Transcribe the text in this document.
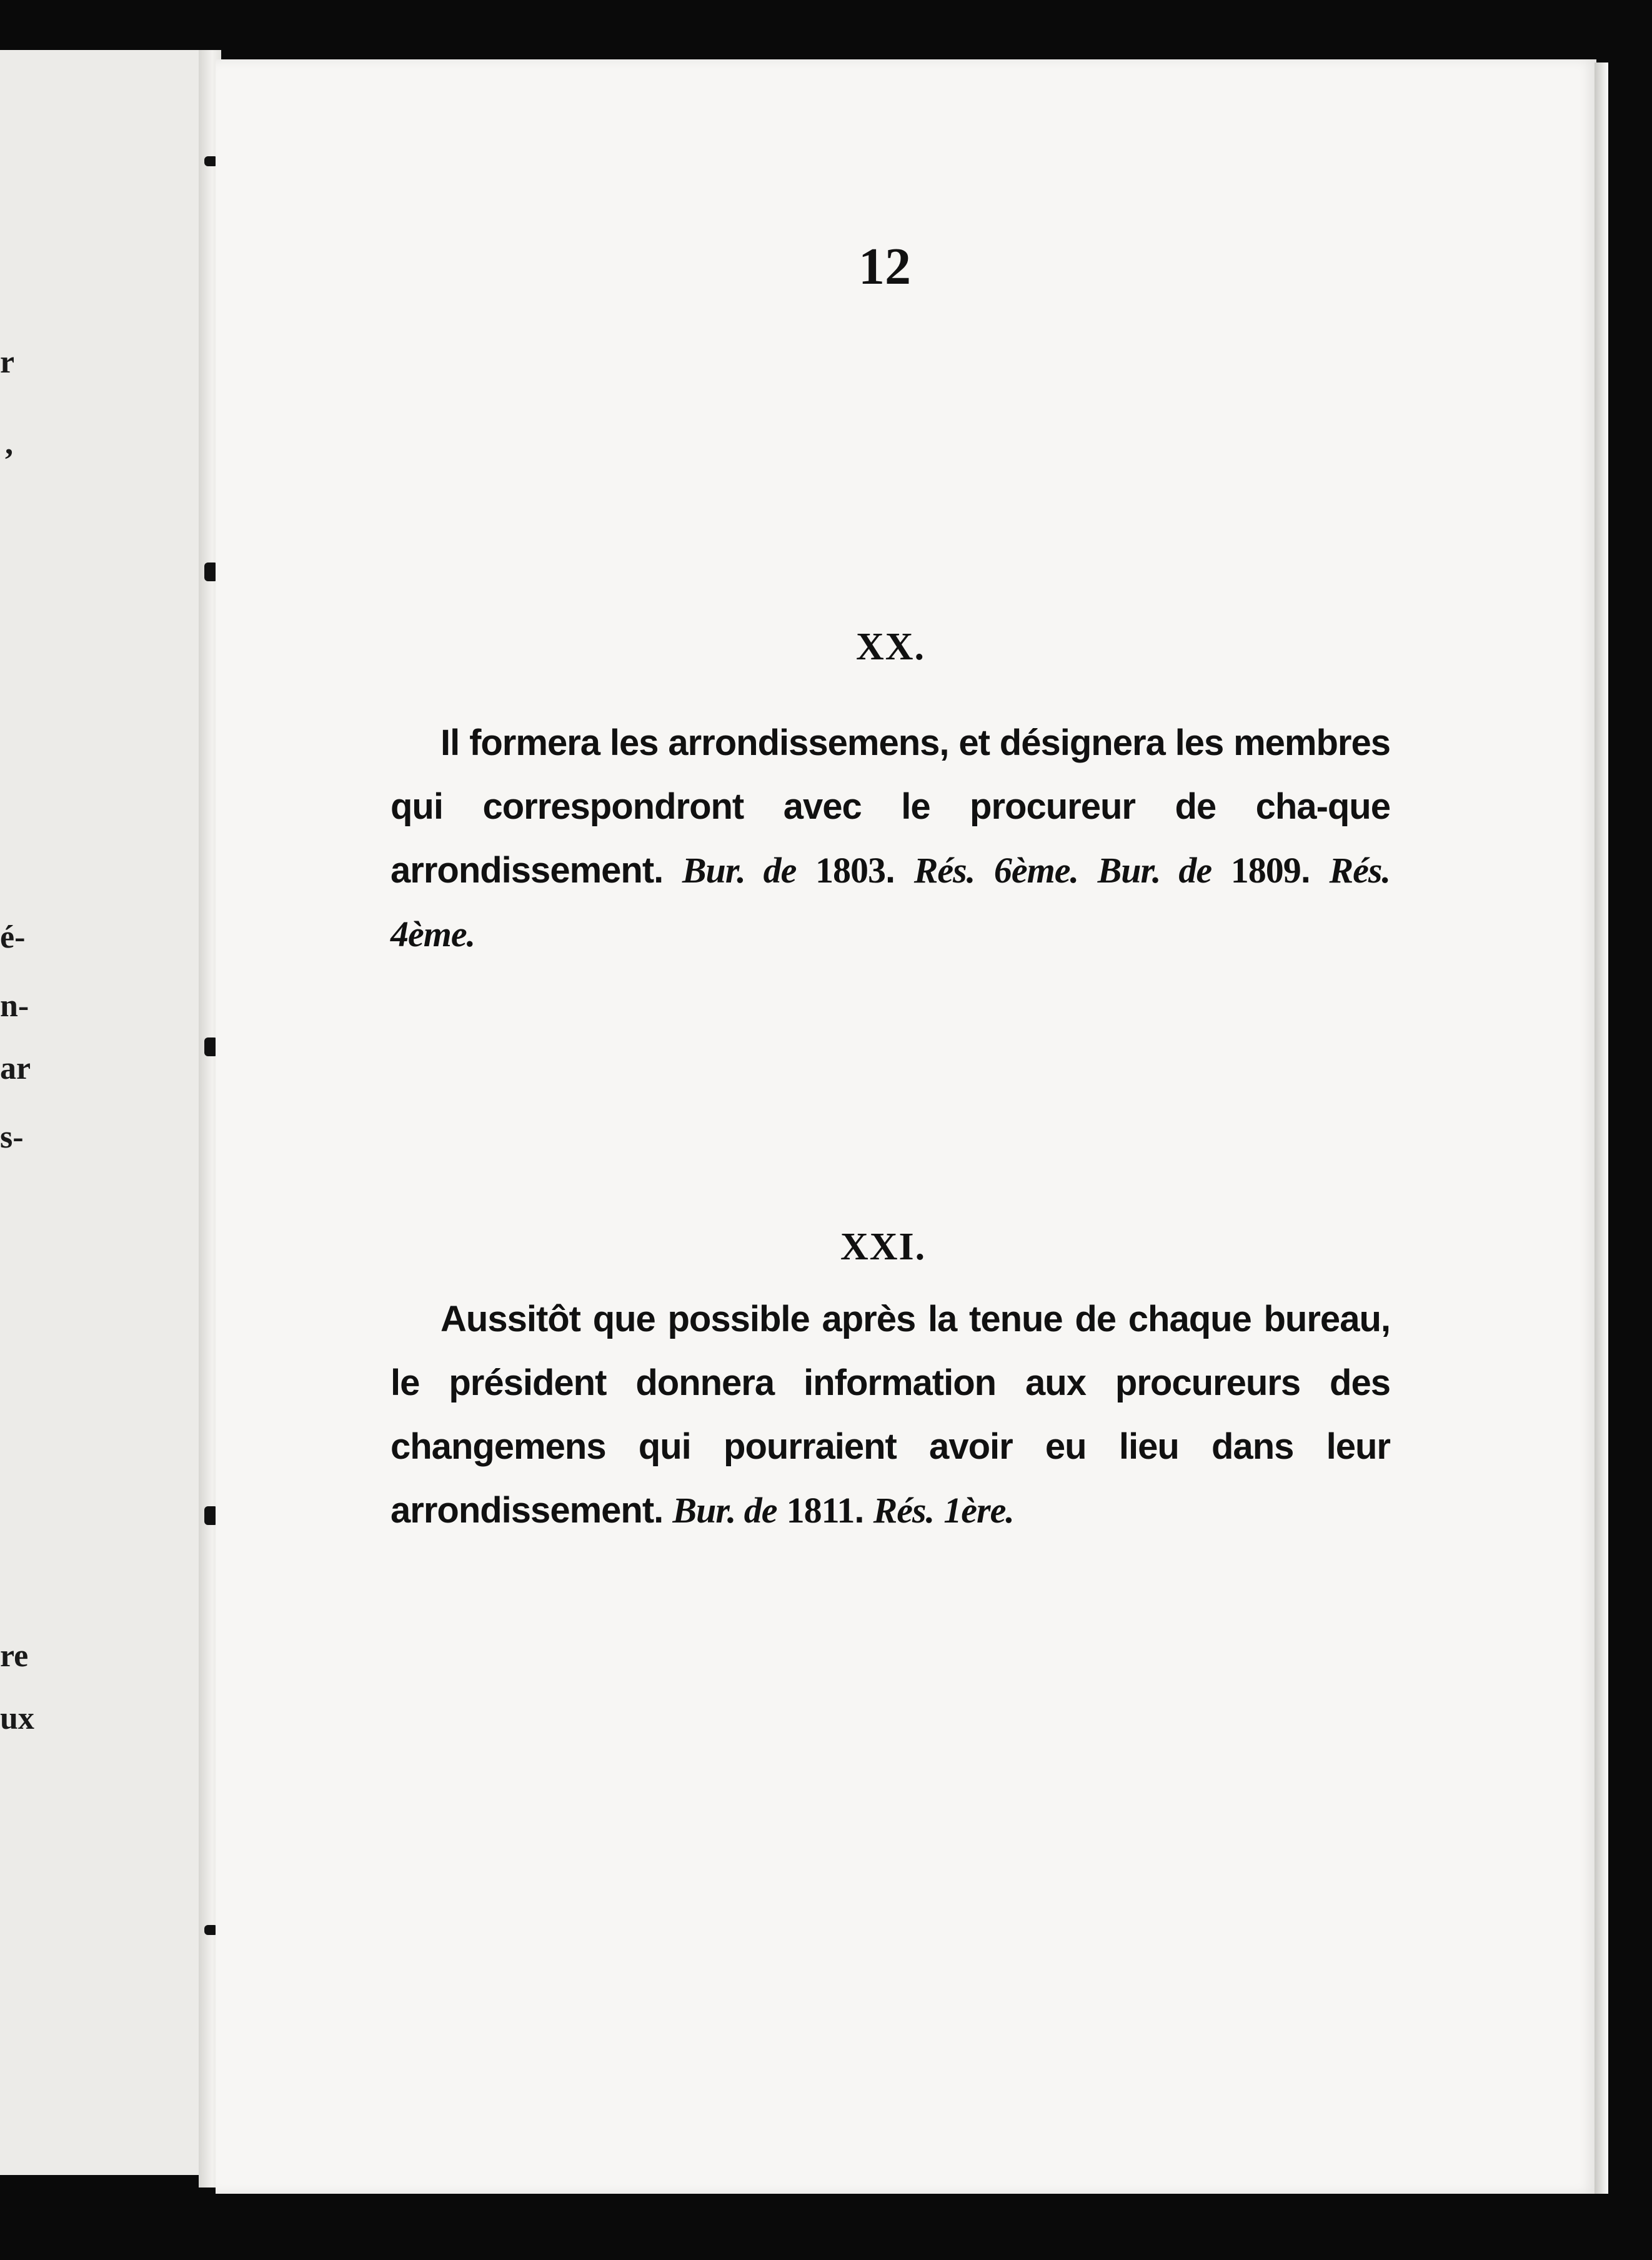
r
,
é-
n-
ar
s-
re
ux
12
XX.
Il formera les arrondissemens, et désignera les membres qui correspondront avec le procureur de cha-que arrondissement. Bur. de 1803. Rés. 6ème. Bur. de 1809. Rés. 4ème.
XXI.
Aussitôt que possible après la tenue de chaque bureau, le président donnera information aux procureurs des changemens qui pourraient avoir eu lieu dans leur arrondissement. Bur. de 1811. Rés. 1ère.
